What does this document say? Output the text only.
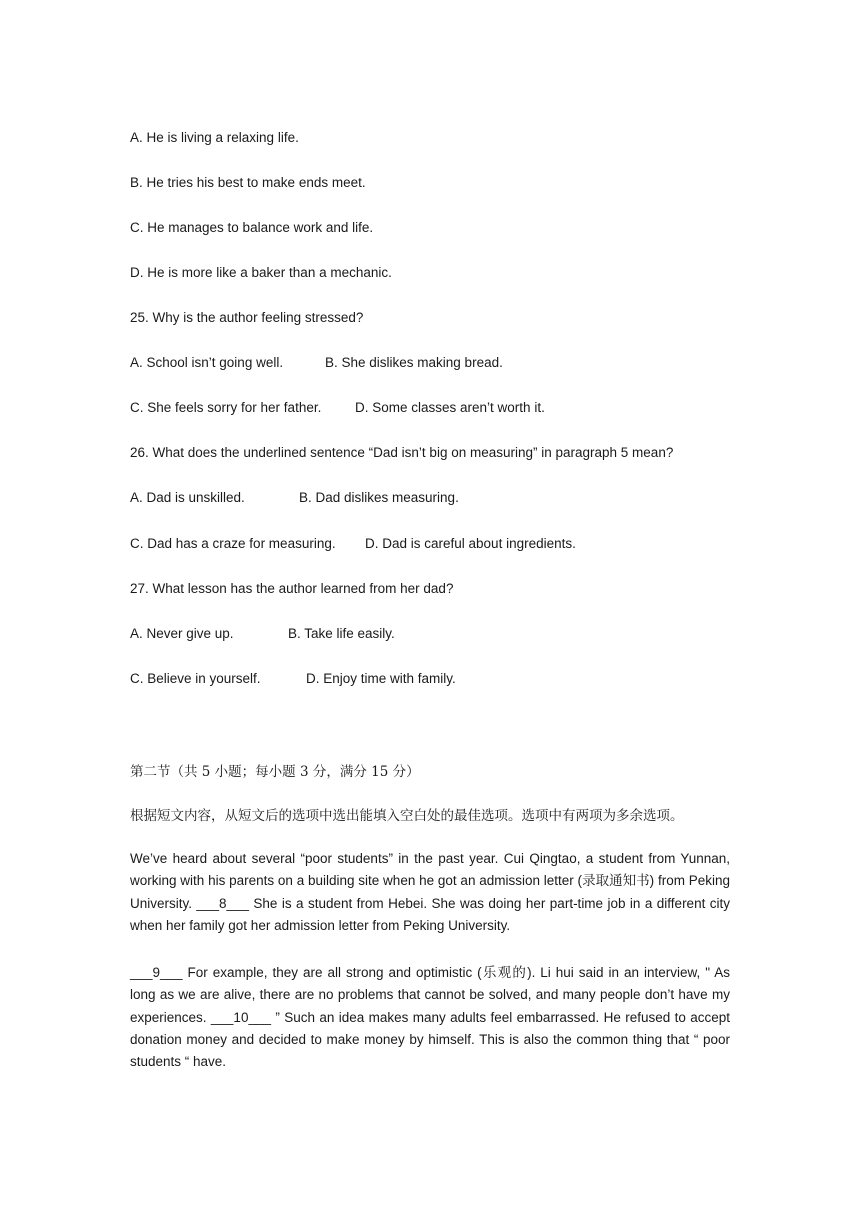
A. He is living a relaxing life.
B. He tries his best to make ends meet.
C. He manages to balance work and life.
D. He is more like a baker than a mechanic.
25. Why is the author feeling stressed?
A. School isn’t going well.	B. She dislikes making bread.
C. She feels sorry for her father. D. Some classes aren’t worth it.
26. What does the underlined sentence “Dad isn’t big on measuring” in paragraph 5 mean?
A. Dad is unskilled.	B. Dad dislikes measuring.
C. Dad has a craze for measuring. D. Dad is careful about ingredients.
27. What lesson has the author learned from her dad?
A. Never give up.	B. Take life easily.
C. Believe in yourself.	D. Enjoy time with family.
第二节（共 5 小题；每小题 3 分，满分 15 分）
根据短文内容，从短文后的选项中选出能填入空白处的最佳选项。选项中有两项为多余选项。
We’ve heard about several “poor students” in the past year. Cui Qingtao, a student from Yunnan, working with his parents on a building site when he got an admission letter (录取通知书) from Peking University. ___8___ She is a student from Hebei. She was doing her part-time job in a different city when her family got her admission letter from Peking University.
___9___ For example, they are all strong and optimistic (乐观的). Li hui said in an interview, " As long as we are alive, there are no problems that cannot be solved, and many people don’t have my experiences. ___10___ ” Such an idea makes many adults feel embarrassed. He refused to accept donation money and decided to make money by himself. This is also the common thing that “ poor students “ have.
